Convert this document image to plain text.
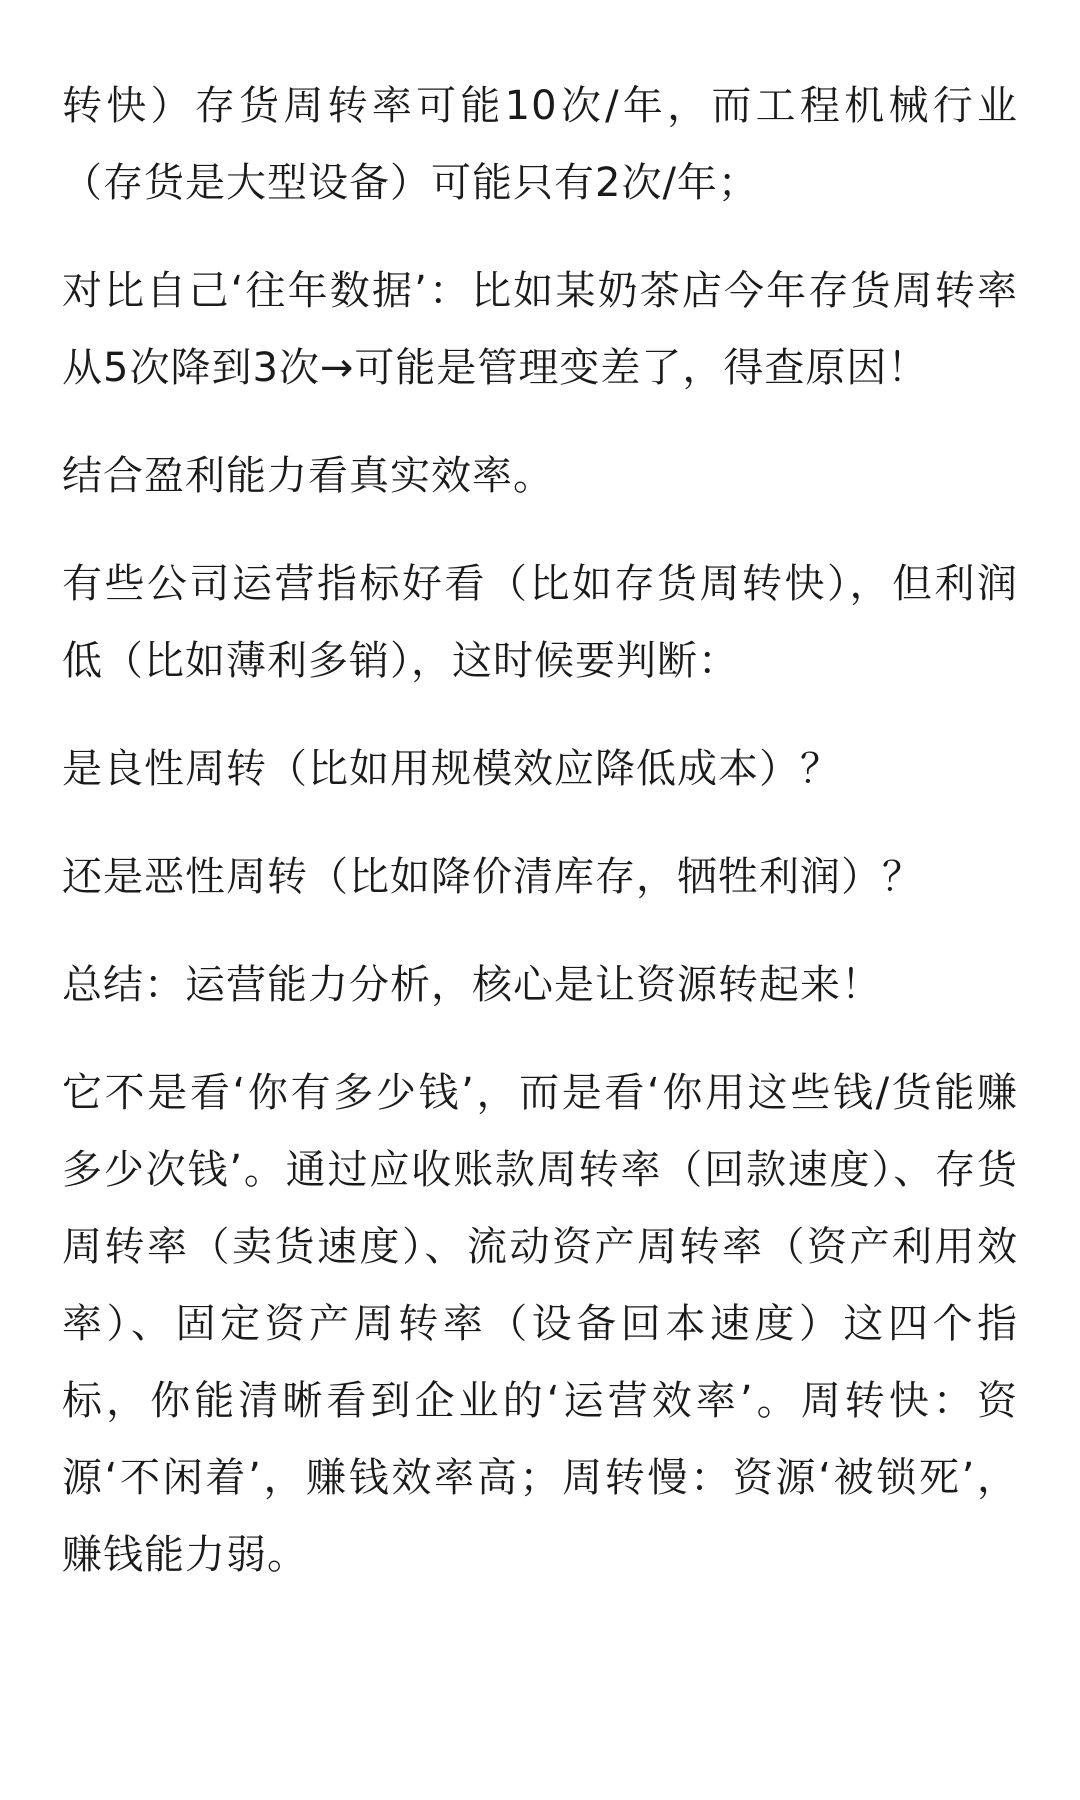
转快）存货周转率可能10次/年，而工程机械行业（存货是大型设备）可能只有2次/年；

对比自己‘往年数据’：比如某奶茶店今年存货周转率从5次降到3次→可能是管理变差了，得查原因！

结合盈利能力看真实效率。

有些公司运营指标好看（比如存货周转快），但利润低（比如薄利多销），这时候要判断：

是良性周转（比如用规模效应降低成本）？

还是恶性周转（比如降价清库存，牺牲利润）？

总结：运营能力分析，核心是让资源转起来！

它不是看‘你有多少钱’，而是看‘你用这些钱/货能赚多少次钱’。通过应收账款周转率（回款速度）、存货周转率（卖货速度）、流动资产周转率（资产利用效率）、固定资产周转率（设备回本速度）这四个指标，你能清晰看到企业的‘运营效率’。周转快：资源‘不闲着’，赚钱效率高；周转慢：资源‘被锁死’，赚钱能力弱。
